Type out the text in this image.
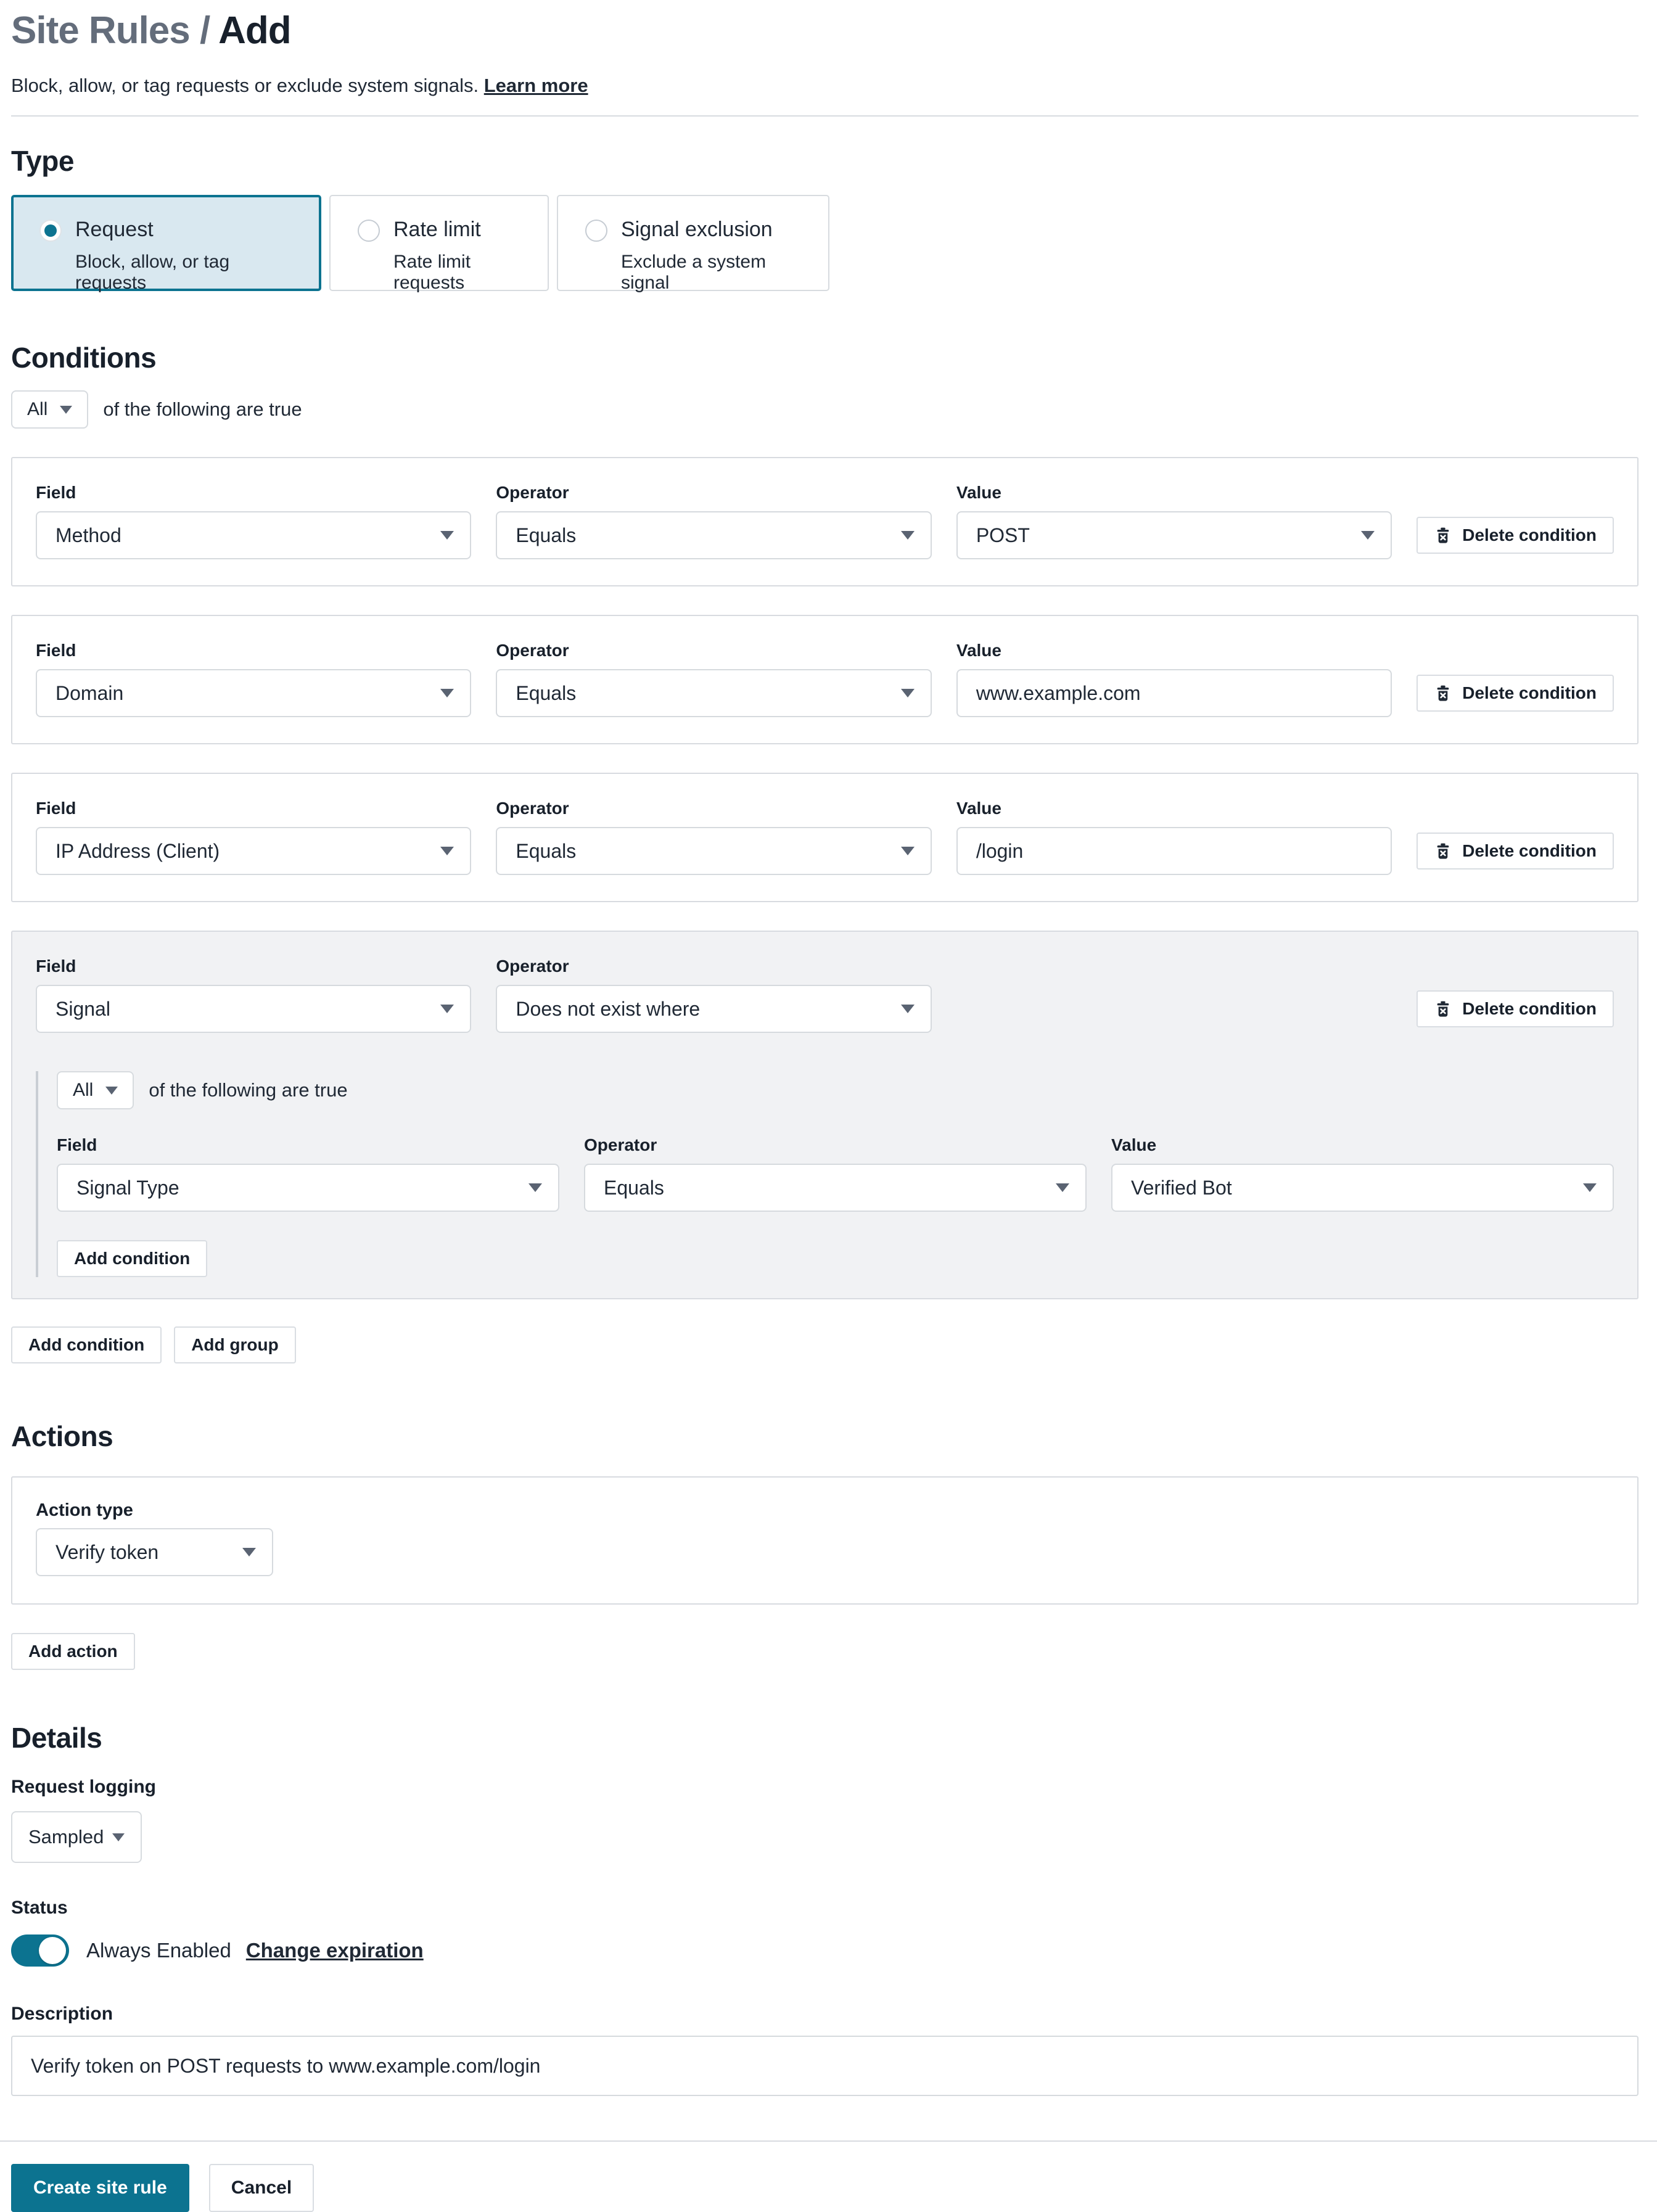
Site Rules / Add
Block, allow, or tag requests or exclude system signals. Learn more
Type
Request
Block, allow, or tag requests
Rate limit
Rate limit requests
Signal exclusion
Exclude a system signal
Conditions
All	of the following are true
Field
Method
Operator
Equals
Value
POST	Delete condition
Field
Domain
Operator
Equals
Value
www.example.com	Delete condition
Field
IP Address (Client)
Operator
Equals
Value
/login	Delete condition
Field
Signal
Operator
Does not exist where	Delete condition
All	of the following are true
Field
Signal Type
Operator
Equals
Value
Verified Bot
Add condition
Add condition	Add group
Actions
Action type
Verify token
Add action
Details
Request logging
Sampled
Status
Always Enabled Change expiration
Description
Verify token on POST requests to www.example.com/login
Create site rule	Cancel
